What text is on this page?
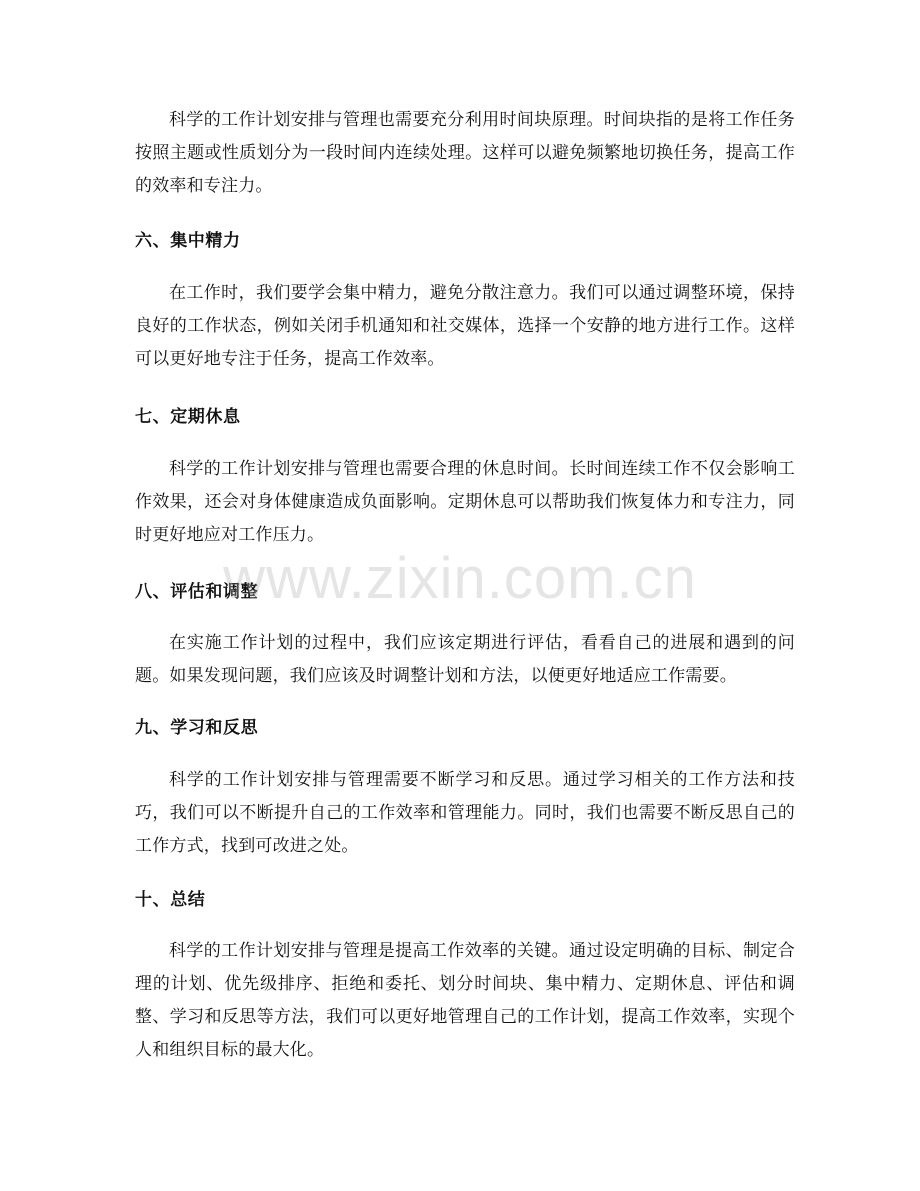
科学的工作计划安排与管理也需要充分利用时间块原理。时间块指的是将工作任务按照主题或性质划分为一段时间内连续处理。这样可以避免频繁地切换任务，提高工作的效率和专注力。

六、集中精力

在工作时，我们要学会集中精力，避免分散注意力。我们可以通过调整环境，保持良好的工作状态，例如关闭手机通知和社交媒体，选择一个安静的地方进行工作。这样可以更好地专注于任务，提高工作效率。

七、定期休息

科学的工作计划安排与管理也需要合理的休息时间。长时间连续工作不仅会影响工作效果，还会对身体健康造成负面影响。定期休息可以帮助我们恢复体力和专注力，同时更好地应对工作压力。

八、评估和调整

在实施工作计划的过程中，我们应该定期进行评估，看看自己的进展和遇到的问题。如果发现问题，我们应该及时调整计划和方法，以便更好地适应工作需要。

九、学习和反思

科学的工作计划安排与管理需要不断学习和反思。通过学习相关的工作方法和技巧，我们可以不断提升自己的工作效率和管理能力。同时，我们也需要不断反思自己的工作方式，找到可改进之处。

十、总结

科学的工作计划安排与管理是提高工作效率的关键。通过设定明确的目标、制定合理的计划、优先级排序、拒绝和委托、划分时间块、集中精力、定期休息、评估和调整、学习和反思等方法，我们可以更好地管理自己的工作计划，提高工作效率，实现个人和组织目标的最大化。

www.zixin.com.cn
